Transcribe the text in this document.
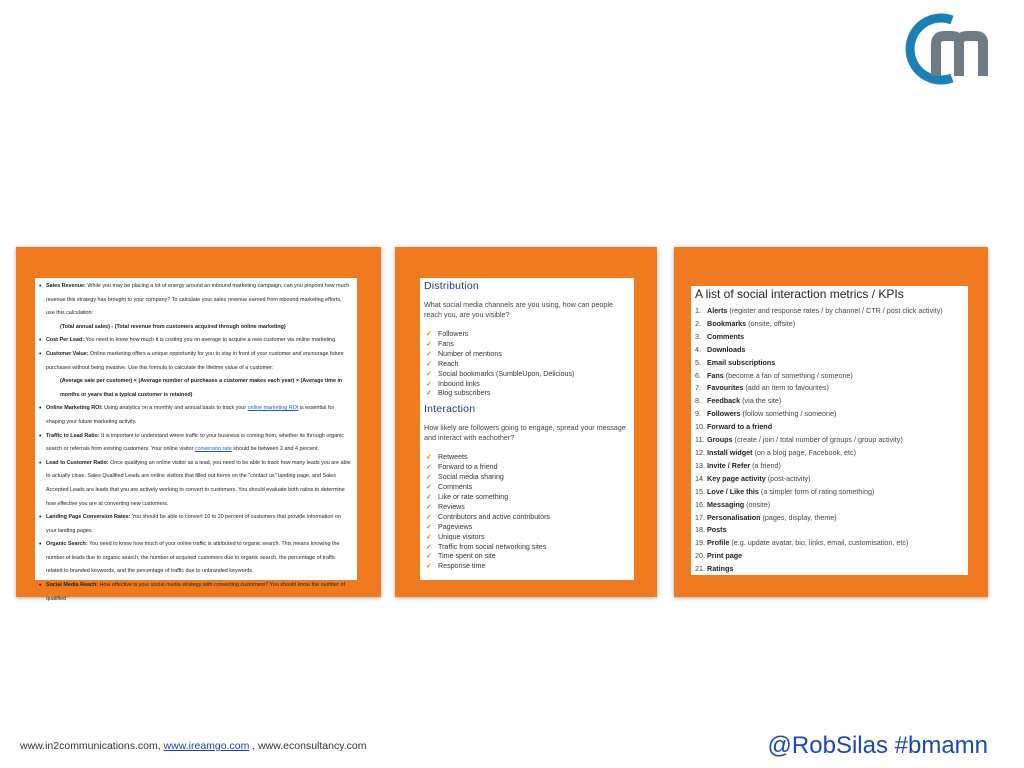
• Sales Revenue: While you may be placing a lot of energy around an inbound marketing campaign, can you pinpoint how much revenue this strategy has brought to your company? To calculate your sales revenue earned from inbound marketing efforts, use this calculation:
(Total annual sales) - (Total revenue from customers acquired through online marketing)
• Cost Per Lead: You need to know how much it is costing you on average to acquire a new customer via online marketing.
• Customer Value: Online marketing offers a unique opportunity for you to stay in front of your customer and encourage future purchases without being invasive. Use this formula to calculate the lifetime value of a customer:
(Average sale per customer) × (Average number of purchases a customer makes each year) × (Average time in months or years that a typical customer is retained)
• Online Marketing ROI: Using analytics on a monthly and annual basis to track your online marketing ROI is essential for shaping your future marketing activity.
• Traffic to Lead Ratio: It is important to understand where traffic to your business is coming from, whether its through organic search or referrals from existing customers. Your online visitor conversion rate should be between 2 and 4 percent.
• Lead to Customer Ratio: Once qualifying an online visitor as a lead, you need to be able to track how many leads you are able to actually close. Sales Qualified Leads are online visitors that filled out forms on the "contact us" landing page, and Sales Accepted Leads are leads that you are actively working to convert to customers. You should evaluate both ratios to determine how effective you are at converting new customers.
• Landing Page Conversion Rates: You should be able to convert 10 to 20 percent of customers that provide information on your landing pages.
• Organic Search: You need to know how much of your online traffic is attributed to organic search. This means knowing the number of leads due to organic search, the number of acquired customers due to organic search, the percentage of traffic related to branded keywords, and the percentage of traffic due to unbranded keywords.
• Social Media Reach: How effective is your social media strategy with converting customers? You should know the number of qualified
Distribution
What social media channels are you using, how can people reach you, are you visible?
✓ Followers
✓ Fans
✓ Number of mentions
✓ Reach
✓ Social bookmarks (SumbleUpon, Delicious)
✓ Inbound links
✓ Blog subscribers
Interaction
How likely are followers going to engage, spread your message and interact with eachother?
✓ Retweets
✓ Forward to a friend
✓ Social media sharing
✓ Comments
✓ Like or rate something
✓ Reviews
✓ Contributors and active contributors
✓ Pageviews
✓ Unique visitors
✓ Traffic from social networking sites
✓ Time spent on site
✓ Response time
A list of social interaction metrics / KPIs
1. Alerts (register and response rates / by channel / CTR / post click activity)
2. Bookmarks (onsite, offsite)
3. Comments
4. Downloads
5. Email subscriptions
6. Fans (become a fan of something / someone)
7. Favourites (add an item to favourites)
8. Feedback (via the site)
9. Followers (follow something / someone)
10. Forward to a friend
11. Groups (create / join / total number of groups / group activity)
12. Install widget (on a blog page, Facebook, etc)
13. Invite / Refer (a friend)
14. Key page activity (post-activity)
15. Love / Like this (a simpler form of rating something)
16. Messaging (onsite)
17. Personalisation (pages, display, theme)
18. Posts
19. Profile (e.g. update avatar, bio, links, email, customisation, etc)
20. Print page
21. Ratings
www.in2communications.com, www.ireamgo.com , www.econsultancy.com	@RobSilas #bmamn
